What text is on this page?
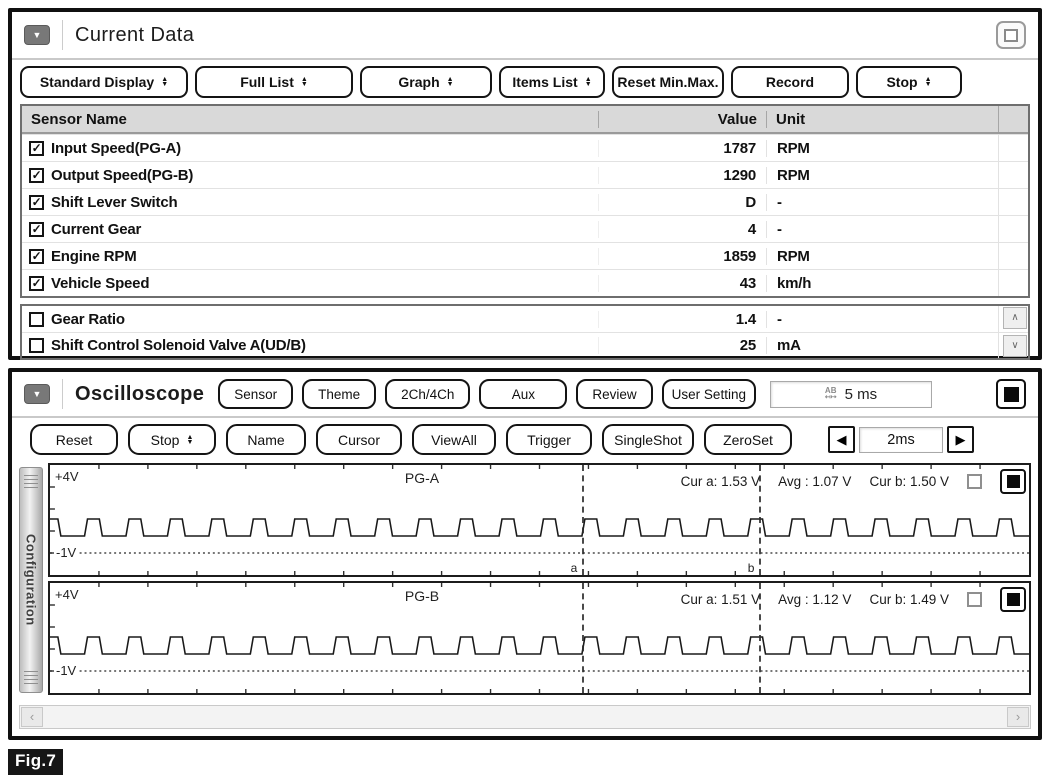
▼	Current Data
Standard Display ▲
▼	Full List ▲
▼	Graph ▲
▼	Items List ▲
▼ Reset Min.Max.	Record	Stop ▲
▼
Sensor Name	Value	Unit
✓
Input Speed(PG-A)	1787	RPM
✓
Output Speed(PG-B)	1290	RPM
✓
Shift Lever Switch	D	-
✓
Current Gear	4	-
✓
Engine RPM	1859	RPM
✓
Vehicle Speed	43	km/h
Gear Ratio	1.4	-
Shift Control Solenoid Valve A(UD/B)	25	mA
∧
∨
▼	Oscilloscope	Sensor	Theme	2Ch/4Ch	Aux	Review	User Setting	AB
↤↦ 5 ms
Reset	Stop ▲
▼	Name	Cursor	ViewAll	Trigger	SingleShot	ZeroSet	◀	2ms	▶
Configuration
+4V	PG-A	Cur a: 1.53 V Avg : 1.07 V Cur b: 1.50 V
-1V
a	b
+4V	PG-B	Cur a: 1.51 V Avg : 1.12 V Cur b: 1.49 V
-1V
‹	›
Fig.7
